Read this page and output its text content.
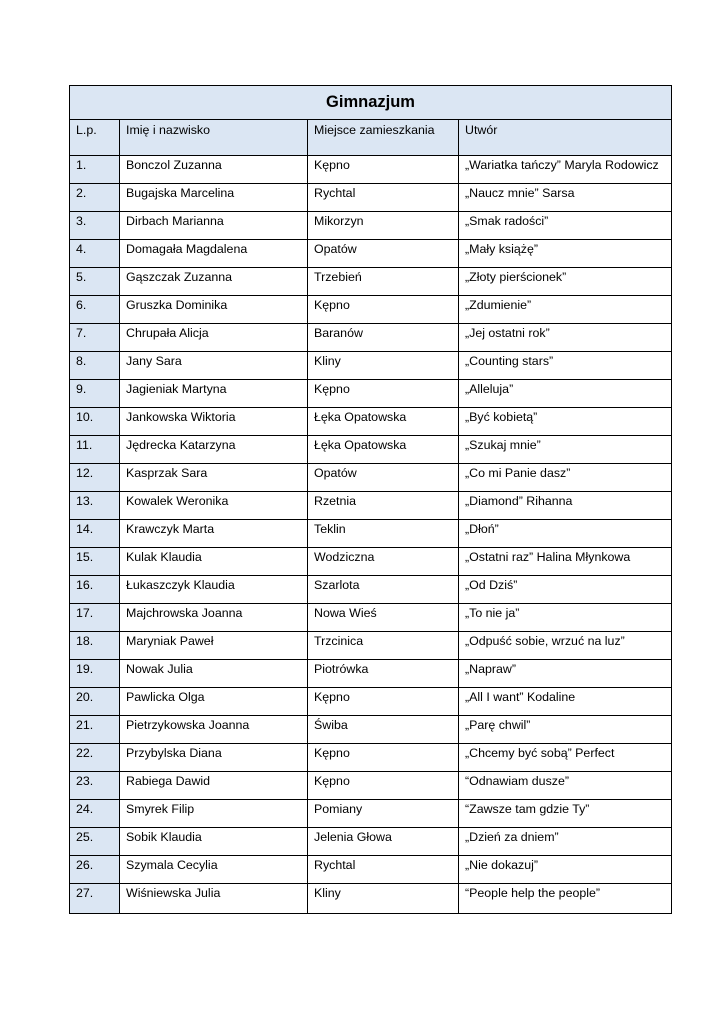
Gimnazjum			
L.p.	Imię i nazwisko	Miejsce zamieszkania	Utwór
1.	Bonczol Zuzanna	Kępno	„Wariatka tańczy” Maryla Rodowicz
2.	Bugajska Marcelina	Rychtal	„Naucz mnie” Sarsa
3.	Dirbach Marianna	Mikorzyn	„Smak radości”
4.	Domagała Magdalena	Opatów	„Mały książę”
5.	Gąszczak Zuzanna	Trzebień	„Złoty pierścionek”
6.	Gruszka Dominika	Kępno	„Zdumienie”
7.	Chrupała Alicja	Baranów	„Jej ostatni rok”
8.	Jany Sara	Kliny	„Counting stars”
9.	Jagieniak Martyna	Kępno	„Alleluja”
10.	Jankowska Wiktoria	Łęka Opatowska	„Być kobietą”
11.	Jędrecka Katarzyna	Łęka Opatowska	„Szukaj mnie”
12.	Kasprzak Sara	Opatów	„Co mi Panie dasz”
13.	Kowalek Weronika	Rzetnia	„Diamond” Rihanna
14.	Krawczyk Marta	Teklin	„Dłoń”
15.	Kulak Klaudia	Wodziczna	„Ostatni raz” Halina Młynkowa
16.	Łukaszczyk Klaudia	Szarlota	„Od Dziś”
17.	Majchrowska Joanna	Nowa Wieś	„To nie ja”
18.	Maryniak Paweł	Trzcinica	„Odpuść sobie, wrzuć na luz”
19.	Nowak Julia	Piotrówka	„Napraw”
20.	Pawlicka Olga	Kępno	„All I want” Kodaline
21.	Pietrzykowska Joanna	Świba	„Parę chwil”
22.	Przybylska Diana	Kępno	„Chcemy być sobą” Perfect
23.	Rabiega Dawid	Kępno	“Odnawiam dusze”
24.	Smyrek Filip	Pomiany	“Zawsze tam gdzie Ty”
25.	Sobik Klaudia	Jelenia Głowa	„Dzień za dniem”
26.	Szymala Cecylia	Rychtal	„Nie dokazuj”
27.	Wiśniewska Julia	Kliny	“People help the people”
